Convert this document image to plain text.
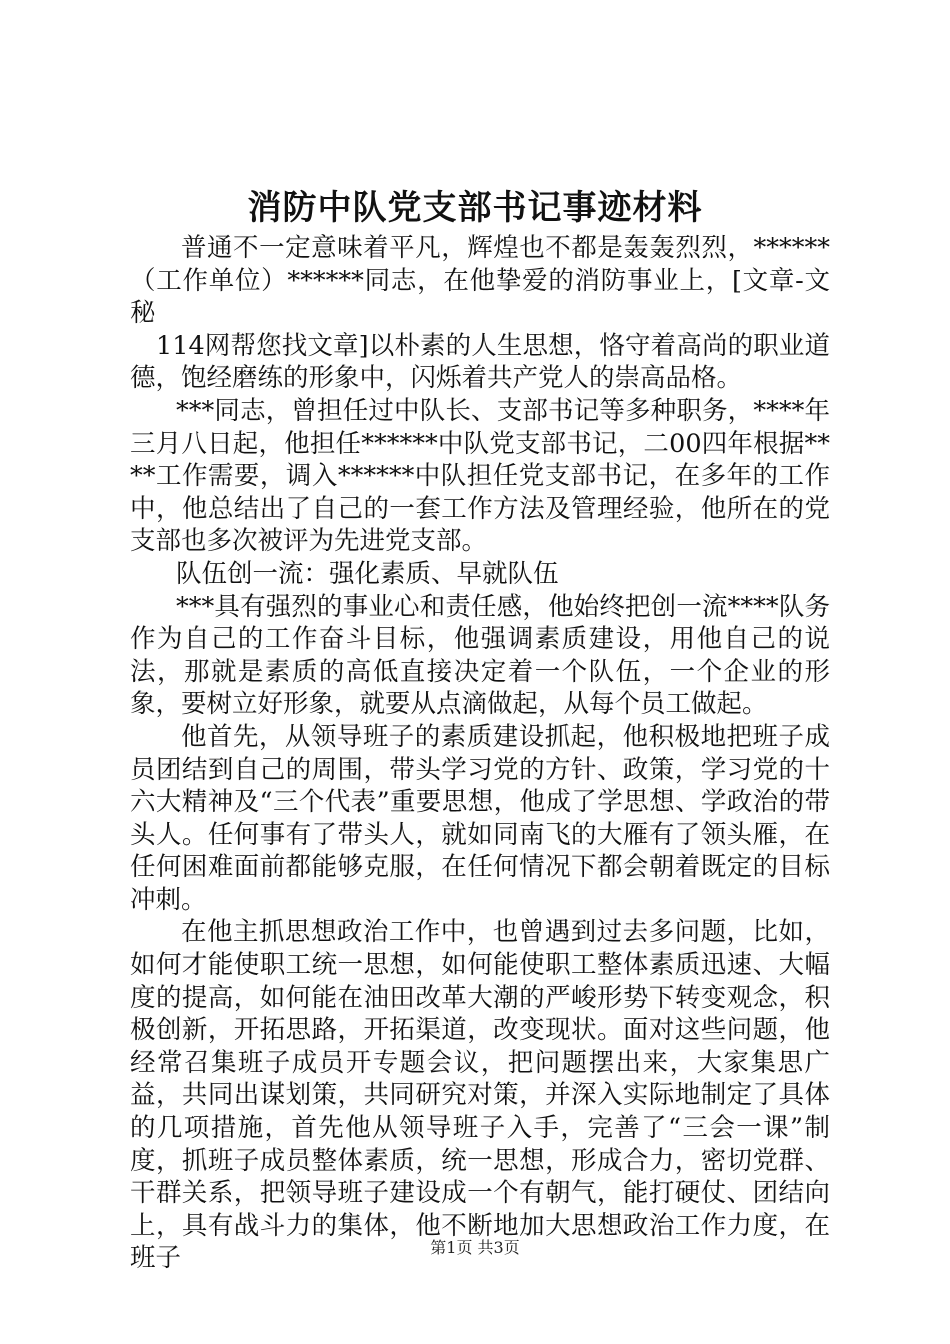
消防中队党支部书记事迹材料

普通不一定意味着平凡，辉煌也不都是轰轰烈烈，******（工作单位）******同志，在他挚爱的消防事业上，[文章-文秘

114网帮您找文章]以朴素的人生思想，恪守着高尚的职业道德，饱经磨练的形象中，闪烁着共产党人的崇高品格。

***同志，曾担任过中队长、支部书记等多种职务，****年三月八日起，他担任******中队党支部书记，二00四年根据****工作需要，调入******中队担任党支部书记，在多年的工作中，他总结出了自己的一套工作方法及管理经验，他所在的党支部也多次被评为先进党支部。

队伍创一流：强化素质、早就队伍

***具有强烈的事业心和责任感，他始终把创一流****队务作为自己的工作奋斗目标，他强调素质建设，用他自己的说法，那就是素质的高低直接决定着一个队伍，一个企业的形象，要树立好形象，就要从点滴做起，从每个员工做起。

他首先，从领导班子的素质建设抓起，他积极地把班子成员团结到自己的周围，带头学习党的方针、政策，学习党的十六大精神及“三个代表”重要思想，他成了学思想、学政治的带头人。任何事有了带头人，就如同南飞的大雁有了领头雁，在任何困难面前都能够克服，在任何情况下都会朝着既定的目标冲刺。

在他主抓思想政治工作中，也曾遇到过去多问题，比如，如何才能使职工统一思想，如何能使职工整体素质迅速、大幅度的提高，如何能在油田改革大潮的严峻形势下转变观念，积极创新，开拓思路，开拓渠道，改变现状。面对这些问题，他经常召集班子成员开专题会议，把问题摆出来，大家集思广益，共同出谋划策，共同研究对策，并深入实际地制定了具体的几项措施，首先他从领导班子入手，完善了“三会一课”制度，抓班子成员整体素质，统一思想，形成合力，密切党群、干群关系，把领导班子建设成一个有朝气，能打硬仗、团结向上，具有战斗力的集体，他不断地加大思想政治工作力度，在班子	第1页 共3页
